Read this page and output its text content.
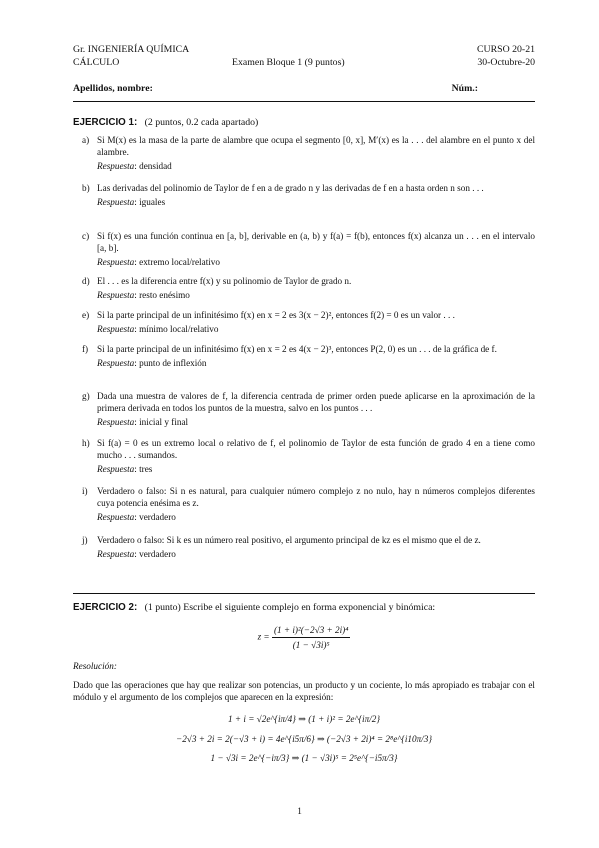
Gr. INGENIERÍA QUÍMICA	CURSO 20-21
CÁLCULO	Examen Bloque 1 (9 puntos)	30-Octubre-20
Apellidos, nombre:	Núm.:
EJERCICIO 1: (2 puntos, 0.2 cada apartado)
a) Si M(x) es la masa de la parte de alambre que ocupa el segmento [0, x], M′(x) es la . . . del alambre en el punto x del alambre.
Respuesta: densidad
b) Las derivadas del polinomio de Taylor de f en a de grado n y las derivadas de f en a hasta orden n son . . .
Respuesta: iguales
c) Si f(x) es una función continua en [a, b], derivable en (a, b) y f(a) = f(b), entonces f(x) alcanza un . . . en el intervalo [a, b].
Respuesta: extremo local/relativo
d) El . . . es la diferencia entre f(x) y su polinomio de Taylor de grado n.
Respuesta: resto enésimo
e) Si la parte principal de un infinitésimo f(x) en x = 2 es 3(x − 2)², entonces f(2) = 0 es un valor . . .
Respuesta: mínimo local/relativo
f) Si la parte principal de un infinitésimo f(x) en x = 2 es 4(x − 2)³, entonces P(2, 0) es un . . . de la gráfica de f.
Respuesta: punto de inflexión
g) Dada una muestra de valores de f, la diferencia centrada de primer orden puede aplicarse en la aproximación de la primera derivada en todos los puntos de la muestra, salvo en los puntos . . .
Respuesta: inicial y final
h) Si f(a) = 0 es un extremo local o relativo de f, el polinomio de Taylor de esta función de grado 4 en a tiene como mucho . . . sumandos.
Respuesta: tres
i) Verdadero o falso: Si n es natural, para cualquier número complejo z no nulo, hay n números complejos diferentes cuya potencia enésima es z.
Respuesta: verdadero
j) Verdadero o falso: Si k es un número real positivo, el argumento principal de kz es el mismo que el de z.
Respuesta: verdadero
EJERCICIO 2: (1 punto) Escribe el siguiente complejo en forma exponencial y binómica:
$z = \frac{\text{(1 + i)²(−2√3 + 2i)⁴}}{\text{(1 − √3i)⁵}}$
Resolución:
Dado que las operaciones que hay que realizar son potencias, un producto y un cociente, lo más apropiado es trabajar con el módulo y el argumento de los complejos que aparecen en la expresión:
1 + i = √2e^{iπ/4} ⇒ (1 + i)² = 2e^{iπ/2}
−2√3 + 2i = 2(−√3 + i) = 4e^{i5π/6} ⇒ (−2√3 + 2i)⁴ = 2⁸e^{i10π/3}
1 − √3i = 2e^{−iπ/3} ⇒ (1 − √3i)⁵ = 2⁵e^{−i5π/3}
1
